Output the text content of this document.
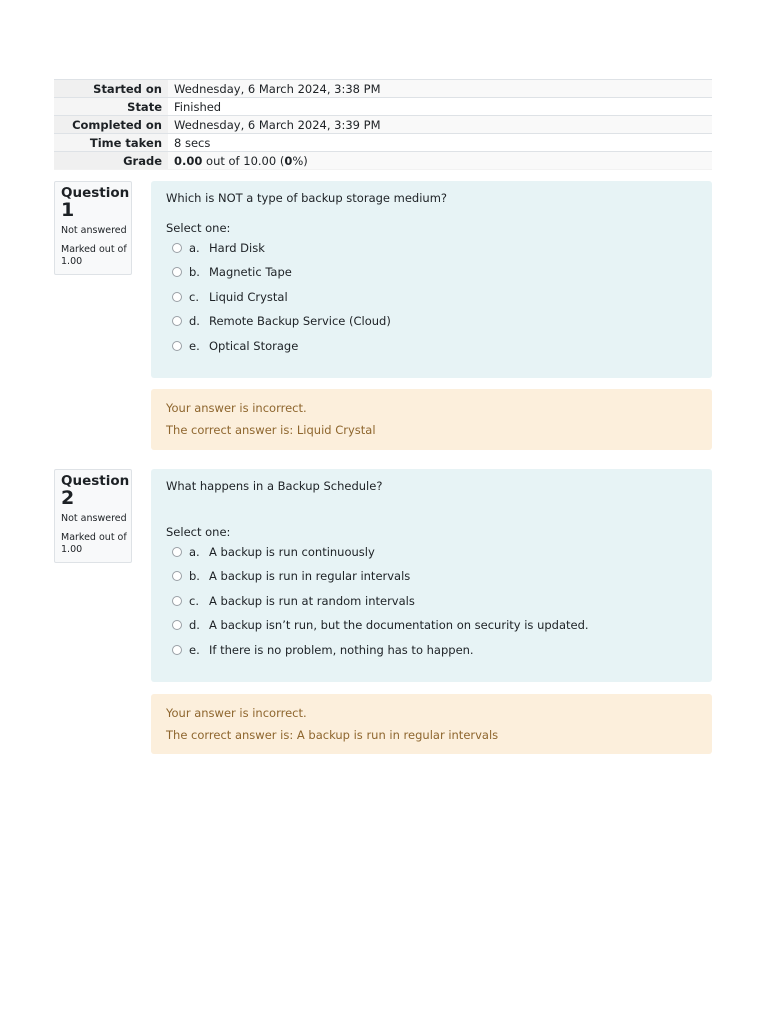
Started on	Wednesday, 6 March 2024, 3:38 PM
State	Finished
Completed on	Wednesday, 6 March 2024, 3:39 PM
Time taken	8 secs
Grade	0.00 out of 10.00 (0%)
Question
1
Not answered
Marked out of 1.00
Which is NOT a type of backup storage medium?
Select one:
a. Hard Disk
b. Magnetic Tape
c. Liquid Crystal
d. Remote Backup Service (Cloud)
e. Optical Storage
Your answer is incorrect.
The correct answer is: Liquid Crystal
Question
2
Not answered
Marked out of 1.00
What happens in a Backup Schedule?
Select one:
a. A backup is run continuously
b. A backup is run in regular intervals
c. A backup is run at random intervals
d. A backup isn’t run, but the documentation on security is updated.
e. If there is no problem, nothing has to happen.
Your answer is incorrect.
The correct answer is: A backup is run in regular intervals
